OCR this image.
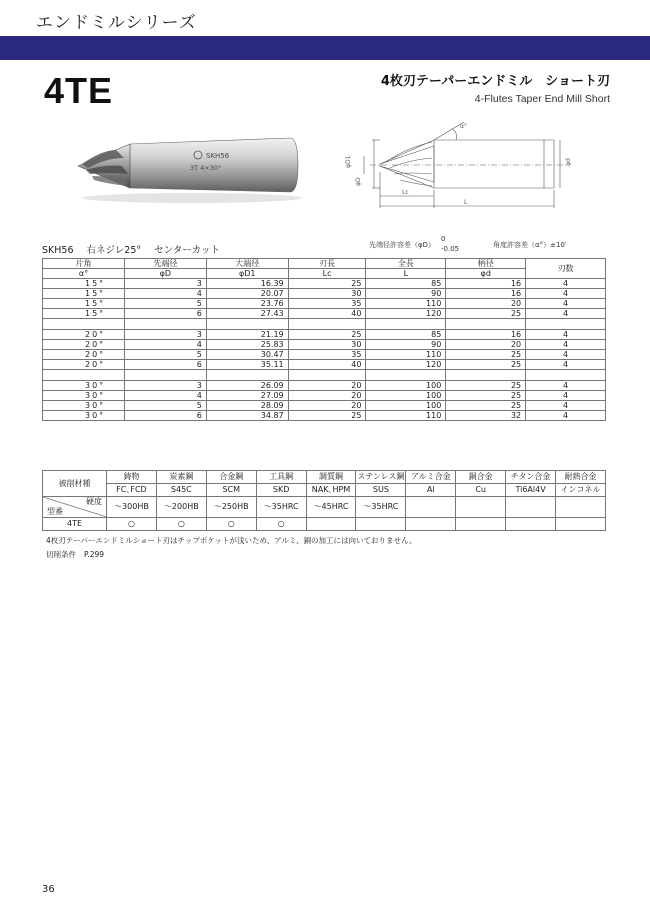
エンドミルシリーズ
4TE	4枚刃テーパーエンドミル　ショート刃
4-Flutes Taper End Mill Short
SKH56
3T 4×30°
α°
φD1
φD
φd
Lc
L
SKH56 右ネジレ25° センターカット	先端径許容差（φD）
0
-0.05	角度許容差（α°）±10′
片角	先端径	大端径	刃長	全長	柄径	刃数
α°	φD	φD1	Lc	L	φd	
15°	3	16.39	25	85	16	4
15°	4	20.07	30	90	16	4
15°	5	23.76	35	110	20	4
15°	6	27.43	40	120	25	4

20°	3	21.19	25	85	16	4
20°	4	25.83	30	90	20	4
20°	5	30.47	35	110	25	4
20°	6	35.11	40	120	25	4

30°	3	26.09	20	100	25	4
30°	4	27.09	20	100	25	4
30°	5	28.09	20	100	25	4
30°	6	34.87	25	110	32	4
被削材種	鋳物	炭素鋼	合金鋼	工具鋼	調質鋼	ステンレス鋼	アルミ合金	銅合金	チタン合金	耐熱合金
	FC､FCD	S45C	SCM	SKD	NAK､HPM	SUS	Al	Cu	Ti6Al4V	インコネル

硬度
型番	～300HB	～200HB	～250HB	～35HRC	～45HRC	～35HRC				
4TE	○	○	○	○						
4枚刃テーパーエンドミルショート刃はチップポケットが浅いため、アルミ、銅の加工には向いておりません。
切削条件 P.299
36
